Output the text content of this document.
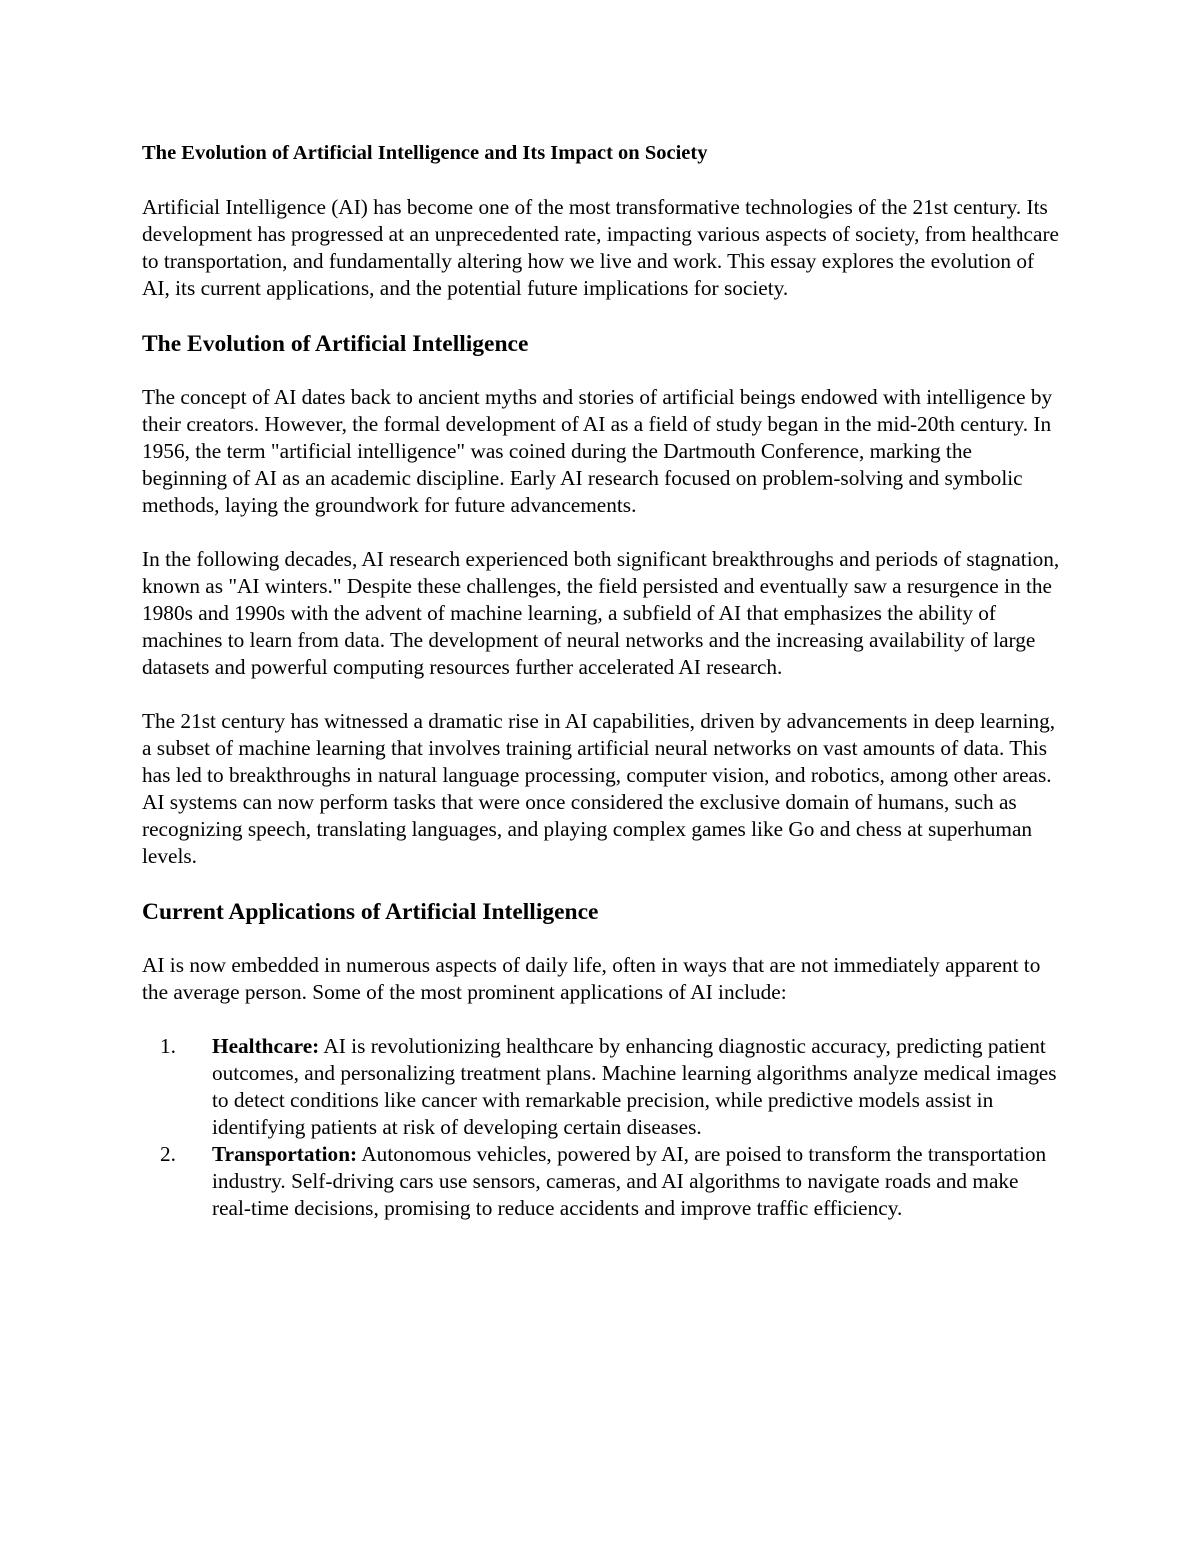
The Evolution of Artificial Intelligence and Its Impact on Society

Artificial Intelligence (AI) has become one of the most transformative technologies of the 21st century. Its development has progressed at an unprecedented rate, impacting various aspects of society, from healthcare to transportation, and fundamentally altering how we live and work. This essay explores the evolution of AI, its current applications, and the potential future implications for society.

The Evolution of Artificial Intelligence

The concept of AI dates back to ancient myths and stories of artificial beings endowed with intelligence by their creators. However, the formal development of AI as a field of study began in the mid-20th century. In 1956, the term "artificial intelligence" was coined during the Dartmouth Conference, marking the beginning of AI as an academic discipline. Early AI research focused on problem-solving and symbolic methods, laying the groundwork for future advancements.

In the following decades, AI research experienced both significant breakthroughs and periods of stagnation, known as "AI winters." Despite these challenges, the field persisted and eventually saw a resurgence in the 1980s and 1990s with the advent of machine learning, a subfield of AI that emphasizes the ability of machines to learn from data. The development of neural networks and the increasing availability of large datasets and powerful computing resources further accelerated AI research.

The 21st century has witnessed a dramatic rise in AI capabilities, driven by advancements in deep learning, a subset of machine learning that involves training artificial neural networks on vast amounts of data. This has led to breakthroughs in natural language processing, computer vision, and robotics, among other areas. AI systems can now perform tasks that were once considered the exclusive domain of humans, such as recognizing speech, translating languages, and playing complex games like Go and chess at superhuman levels.

Current Applications of Artificial Intelligence

AI is now embedded in numerous aspects of daily life, often in ways that are not immediately apparent to the average person. Some of the most prominent applications of AI include:

1. Healthcare: AI is revolutionizing healthcare by enhancing diagnostic accuracy, predicting patient outcomes, and personalizing treatment plans. Machine learning algorithms analyze medical images to detect conditions like cancer with remarkable precision, while predictive models assist in identifying patients at risk of developing certain diseases.
2. Transportation: Autonomous vehicles, powered by AI, are poised to transform the transportation industry. Self-driving cars use sensors, cameras, and AI algorithms to navigate roads and make real-time decisions, promising to reduce accidents and improve traffic efficiency.
